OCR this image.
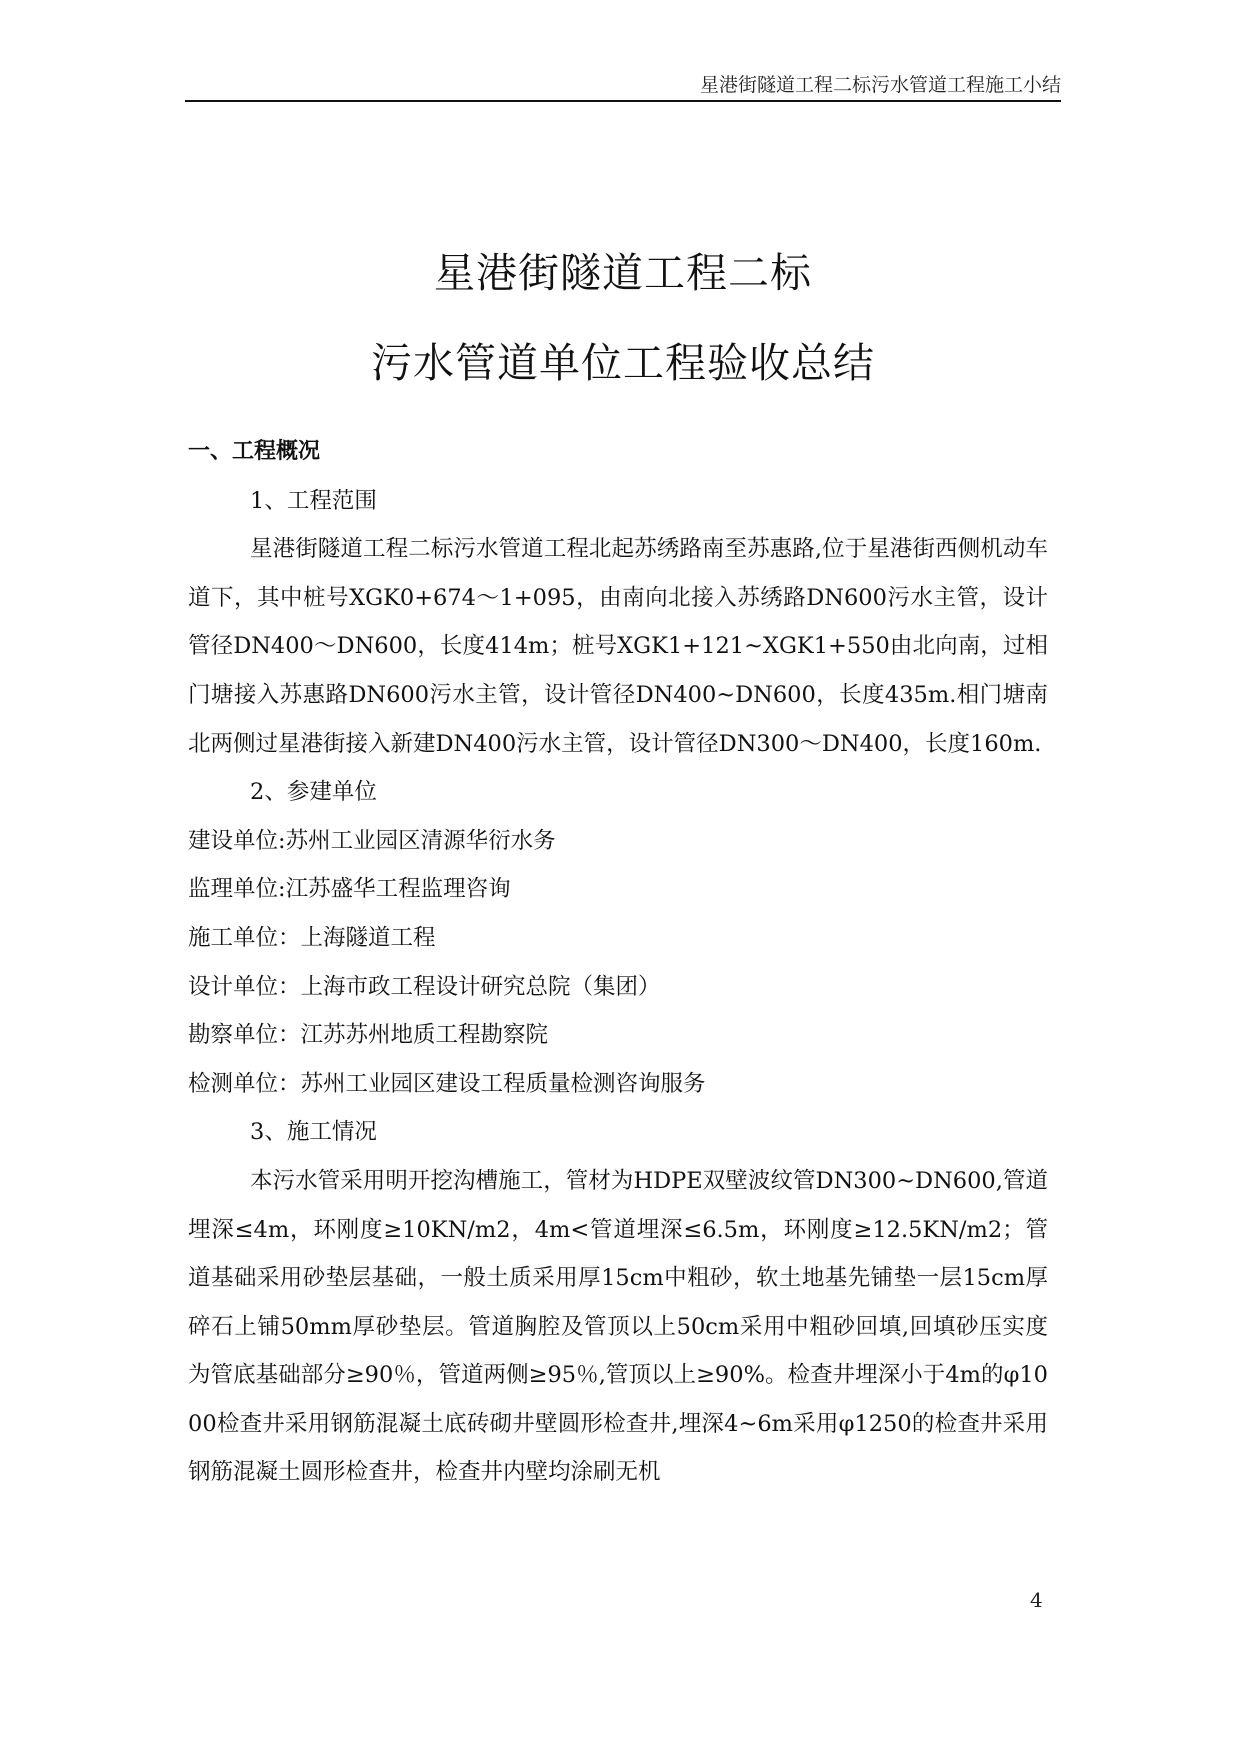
星港街隧道工程二标污水管道工程施工小结
星港街隧道工程二标
污水管道单位工程验收总结

一、工程概况

1、工程范围

星港街隧道工程二标污水管道工程北起苏绣路南至苏惠路,位于星港街西侧机动车道下，其中桩号XGK0+674～1+095，由南向北接入苏绣路DN600污水主管，设计管径DN400～DN600，长度414m；桩号XGK1+121~XGK1+550由北向南，过相门塘接入苏惠路DN600污水主管，设计管径DN400~DN600，长度435m.相门塘南北两侧过星港街接入新建DN400污水主管，设计管径DN300～DN400，长度160m.

2、参建单位

建设单位:苏州工业园区清源华衍水务

监理单位:江苏盛华工程监理咨询

施工单位：上海隧道工程

设计单位：上海市政工程设计研究总院（集团）

勘察单位：江苏苏州地质工程勘察院

检测单位：苏州工业园区建设工程质量检测咨询服务

3、施工情况

本污水管采用明开挖沟槽施工，管材为HDPE双壁波纹管DN300~DN600,管道埋深≤4m，环刚度≥10KN/m2，4m<管道埋深≤6.5m，环刚度≥12.5KN/m2；管道基础采用砂垫层基础，一般土质采用厚15cm中粗砂，软土地基先铺垫一层15cm厚碎石上铺50mm厚砂垫层。管道胸腔及管顶以上50cm采用中粗砂回填,回填砂压实度为管底基础部分≥90％，管道两侧≥95％,管顶以上≥90%。检查井埋深小于4m的φ1000检查井采用钢筋混凝土底砖砌井壁圆形检查井,埋深4~6m采用φ1250的检查井采用钢筋混凝土圆形检查井，检查井内壁均涂刷无机

4
